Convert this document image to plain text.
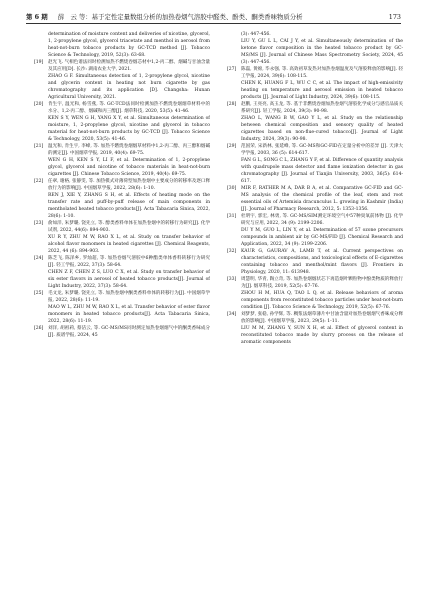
第 6 期 薛　云 等：基于定性定量数组分析的加热卷烟气溶胶中醛类、酚类、酮类香味物质分析	173
determination of moisture content and deliveries of nicotine, glycerol, 1, 2-propylene glycol, glycerol triacetate and menthol in aerosol from heat-not-burn tobacco products by GC-TCD method [J]. Tobacco Science & Technology, 2019, 52(3): 63-68.
[19] 赵光飞. 气相色谱法同时检测加热不燃烧卷烟芯材中1,2-丙二醇、烟碱与甘油含量及其应用[D]. 长沙: 湖南农业大学, 2021.
ZHAO G F. Simultaneous detection of 1, 2-propylene glycol, nicotine and glycerin content in heating not burn cigarette by gas chromatography and its application [D]. Changsha: Hunan Agricultural University, 2021.
[20] 肯生宇, 温光和, 杨雪燕, 等. GC-TCD法同时检测加热不燃烧卷烟烟草材料中的水分、1,2-丙二醇、烟碱和丙三醇[J]. 烟草科技, 2020, 53(5): 41-46.
KEN S Y, WEN G H, YANG X Y, et al. Simultaneous determination of moisture, 1, 2-propylene glycol, nicotine and glycerol in tobacco material for heat-not-burn products by GC-TCD [J]. Tobacco Science & Technology, 2020, 53(5): 41-46.
[21] 温光和, 肯生宇, 李峰, 等. 加热不燃烧卷烟烟草材料中1,2-丙二醇、丙三醇和烟碱的测定[J]. 中国烟草学报, 2019, 40(4): 69-75.
WEN G H, KEN S Y, LI F, et al. Determination of 1, 2-propylene glycol, glycerol and nicotine of tobacco materials in heat-not-burn cigarettes [J]. Chinese Tobacco Science, 2019, 40(4): 69-75.
[22] 任翠, 谢格, 张静雯, 等. 加热模式对薄荷型加热卷烟中主要成分的转移率及逐口释放行为的影响[J]. 中国烟草学报, 2022, 28(6): 1-10.
REN J, XIE Y, ZHANG S H, et al. Effects of heating mode on the transfer rate and puff-by-puff release of main components in mentholated heated tobacco products[J]. Acta Tabacaria Sinica, 2022, 28(6): 1-10.
[23] 俞如洋, 朱梦璐, 饶先立, 等. 醇类香料单体在加热卷烟中的转移行为研究[J]. 化学试剂, 2022, 44(6): 894-903.
XU R Y, ZHU M W, RAO X L, et al. Study on transfer behavior of alcohol flavor monomers in heated cigarettes [J]. Chemical Reagents, 2022, 44 (6): 894-903.
[24] 陈芝飞, 陈泽乡, 罗灿超, 等. 加热卷烟气溶胶中6种酯类单体香料转移行为研究[J]. 轻工学报, 2022, 37(3): 58-64.
CHEN Z F, CHEN Z S, LUO C X, et al. Study on transfer behavior of six ester flavors in aerosol of heated tobacco products[J]. Journal of Light Industry, 2022, 37(3): 58-64.
[25] 毛文龙, 朱梦璐, 饶先立, 等. 加热卷烟中酮类香料单体的转移行为[J]. 中国烟草学报, 2022, 28(6): 11-19.
MAO W L, ZHU M W, RAO X L, et al. Transfer behavior of ester flavor monomers in heated tobacco products[J]. Acta Tabacaria Sinica, 2022, 28(6): 11-19.
[26] 刘洋, 胡祖莉, 蔡洁云, 等. GC-MS/MS同时测定加热卷烟烟气中的酮类香味成分[J]. 质谱学报, 2024, 45
(3): 447-456.
LIU Y, GU L L, CAI J Y, et al. Simultaneously determination of the ketone flavor composition in the heated tobacco product by GC-MS/MS [J]. Journal of Chinese Mass Spectrometry Society, 2024, 45 (3): 447-456.
[27] 陈磊, 黄绵, 毕永强, 等. 高效初草发热对加热卷烟温度及气溶胶释放的影响[J]. 轻工学报, 2024, 39(6): 108-115.
CHEN K, HUANG F L, WU C C, et al. The impact of high-emissivity heating on temperature and aerosol emission in heated tobacco products [J]. Journal of Light Industry, 2024, 39(6): 108-115.
[28] 赵鹏, 王亮亮, 高玉龙, 等. 基于非燃烧卷烟加热卷烟气溶胶化学成分与感官品质关系研究[J]. 轻工学报, 2024, 39(3): 90-98.
ZHAO L, WANG B W, GAO Y L, et al. Study on the relationship between chemical composition and sensory quality of heated cigarettes based on non-flue-cured tobacco[J]. Journal of Light Industry, 2024, 39(3): 90-98.
[29] 范国荣, 宋新林, 张延峰, 等. GC-MS和GC-FID在定量分析中的差异 [J]. 天津大学学报, 2003, 36 (5): 614-617.
FAN G L, SONG C L, ZHANG Y F, et al. Difference of quantity analysis with quadrupole mass detector and flame ionization detector in gas chromatography [J]. Journal of Tianjin University, 2003, 36(5): 614-617.
[30] MIR F, RATHER M A, DAR B A, et al. Comparative GC-FID and GC-MS analysis of the chemical profile of the leaf, stem and root essential oils of Artemisia dracunculus L. growing in Kashmir (India) [J]. Journal of Pharmacy Research, 2012, 5: 1353-1356.
[31] 杜明宇, 郭宏, 林勇, 等. GC-MS/SIM测定环境空气中57种臭氧前体物 [J]. 化学研究与应用, 2022, 34 (9): 2199-2206.
DU Y M, GUO L, LIN Y, et al. Determination of 57 ozone precursors compounds in ambient air by GC-MS/FID [J]. Chemical Research and Application, 2022, 34 (9): 2199-2206.
[32] KAUR G, GAURAV A, LAMB T, et al. Current perspectives on characteristics, compositions, and toxicological effects of E-cigarettes containing tobacco and menthol/mint flavors [J]. Frontiers in Physiology, 2020, 11: 613948.
[33] 周慧明, 华青, 陶立奇, 等. 加热卷烟烟状芯下再造烟叶颗粒物中酚类物质的释放行为[J]. 烟草科技, 2019, 52(5): 67-76.
ZHOU H M, HUA Q, TAO L Q, et al. Release behaviors of aroma components from reconstituted tobacco particles under heat-not-burn condition [J]. Tobacco Science & Technology, 2019, 52(5): 67-76.
[34] 刘梦梦, 张稳, 孙学辉, 等. 稠浆法烟草薄片中甘油含量对加热卷烟烟气香味成分释放的影响[J]. 中国烟草学报, 2023, 29(5): 1-11.
LIU M M, ZHANG Y, SUN X H, et al. Effect of glycerol content in reconstituted tobacco made by slurry process on the release of aromatic components
